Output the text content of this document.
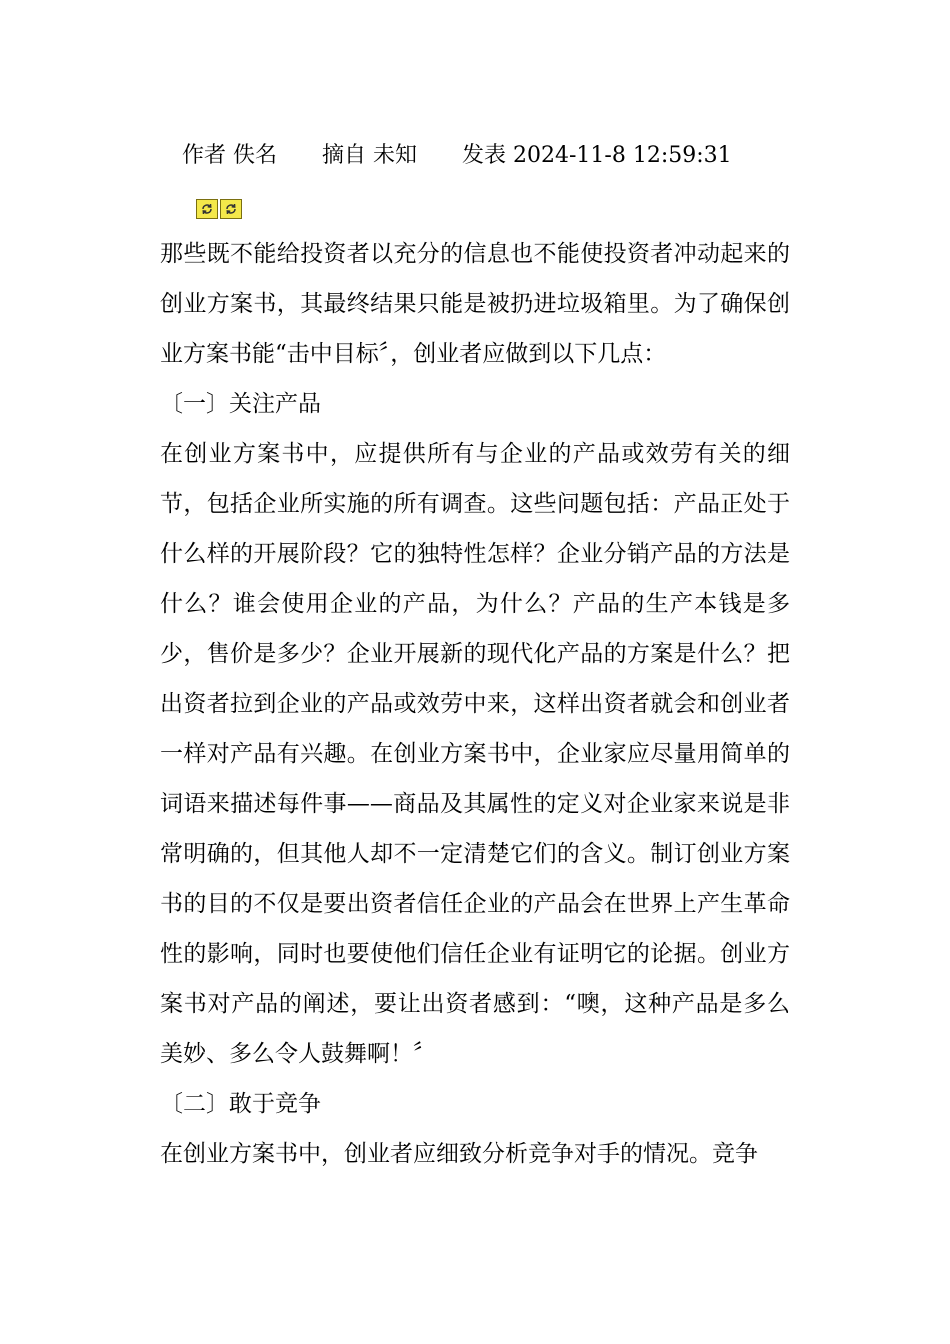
作者 佚名 摘自 未知 发表 2024-11-8 12:59:31

那些既不能给投资者以充分的信息也不能使投资者冲动起来的创业方案书，其最终结果只能是被扔进垃圾箱里。为了确保创业方案书能“击中目标〞，创业者应做到以下几点：

〔一〕关注产品

在创业方案书中，应提供所有与企业的产品或效劳有关的细节，包括企业所实施的所有调查。这些问题包括：产品正处于什么样的开展阶段？它的独特性怎样？企业分销产品的方法是什么？谁会使用企业的产品，为什么？产品的生产本钱是多少，售价是多少？企业开展新的现代化产品的方案是什么？把出资者拉到企业的产品或效劳中来，这样出资者就会和创业者一样对产品有兴趣。在创业方案书中，企业家应尽量用简单的词语来描述每件事——商品及其属性的定义对企业家来说是非常明确的，但其他人却不一定清楚它们的含义。制订创业方案书的目的不仅是要出资者信任企业的产品会在世界上产生革命性的影响，同时也要使他们信任企业有证明它的论据。创业方案书对产品的阐述，要让出资者感到：“噢，这种产品是多么美妙、多么令人鼓舞啊！〞

〔二〕敢于竞争

在创业方案书中，创业者应细致分析竞争对手的情况。竞争
